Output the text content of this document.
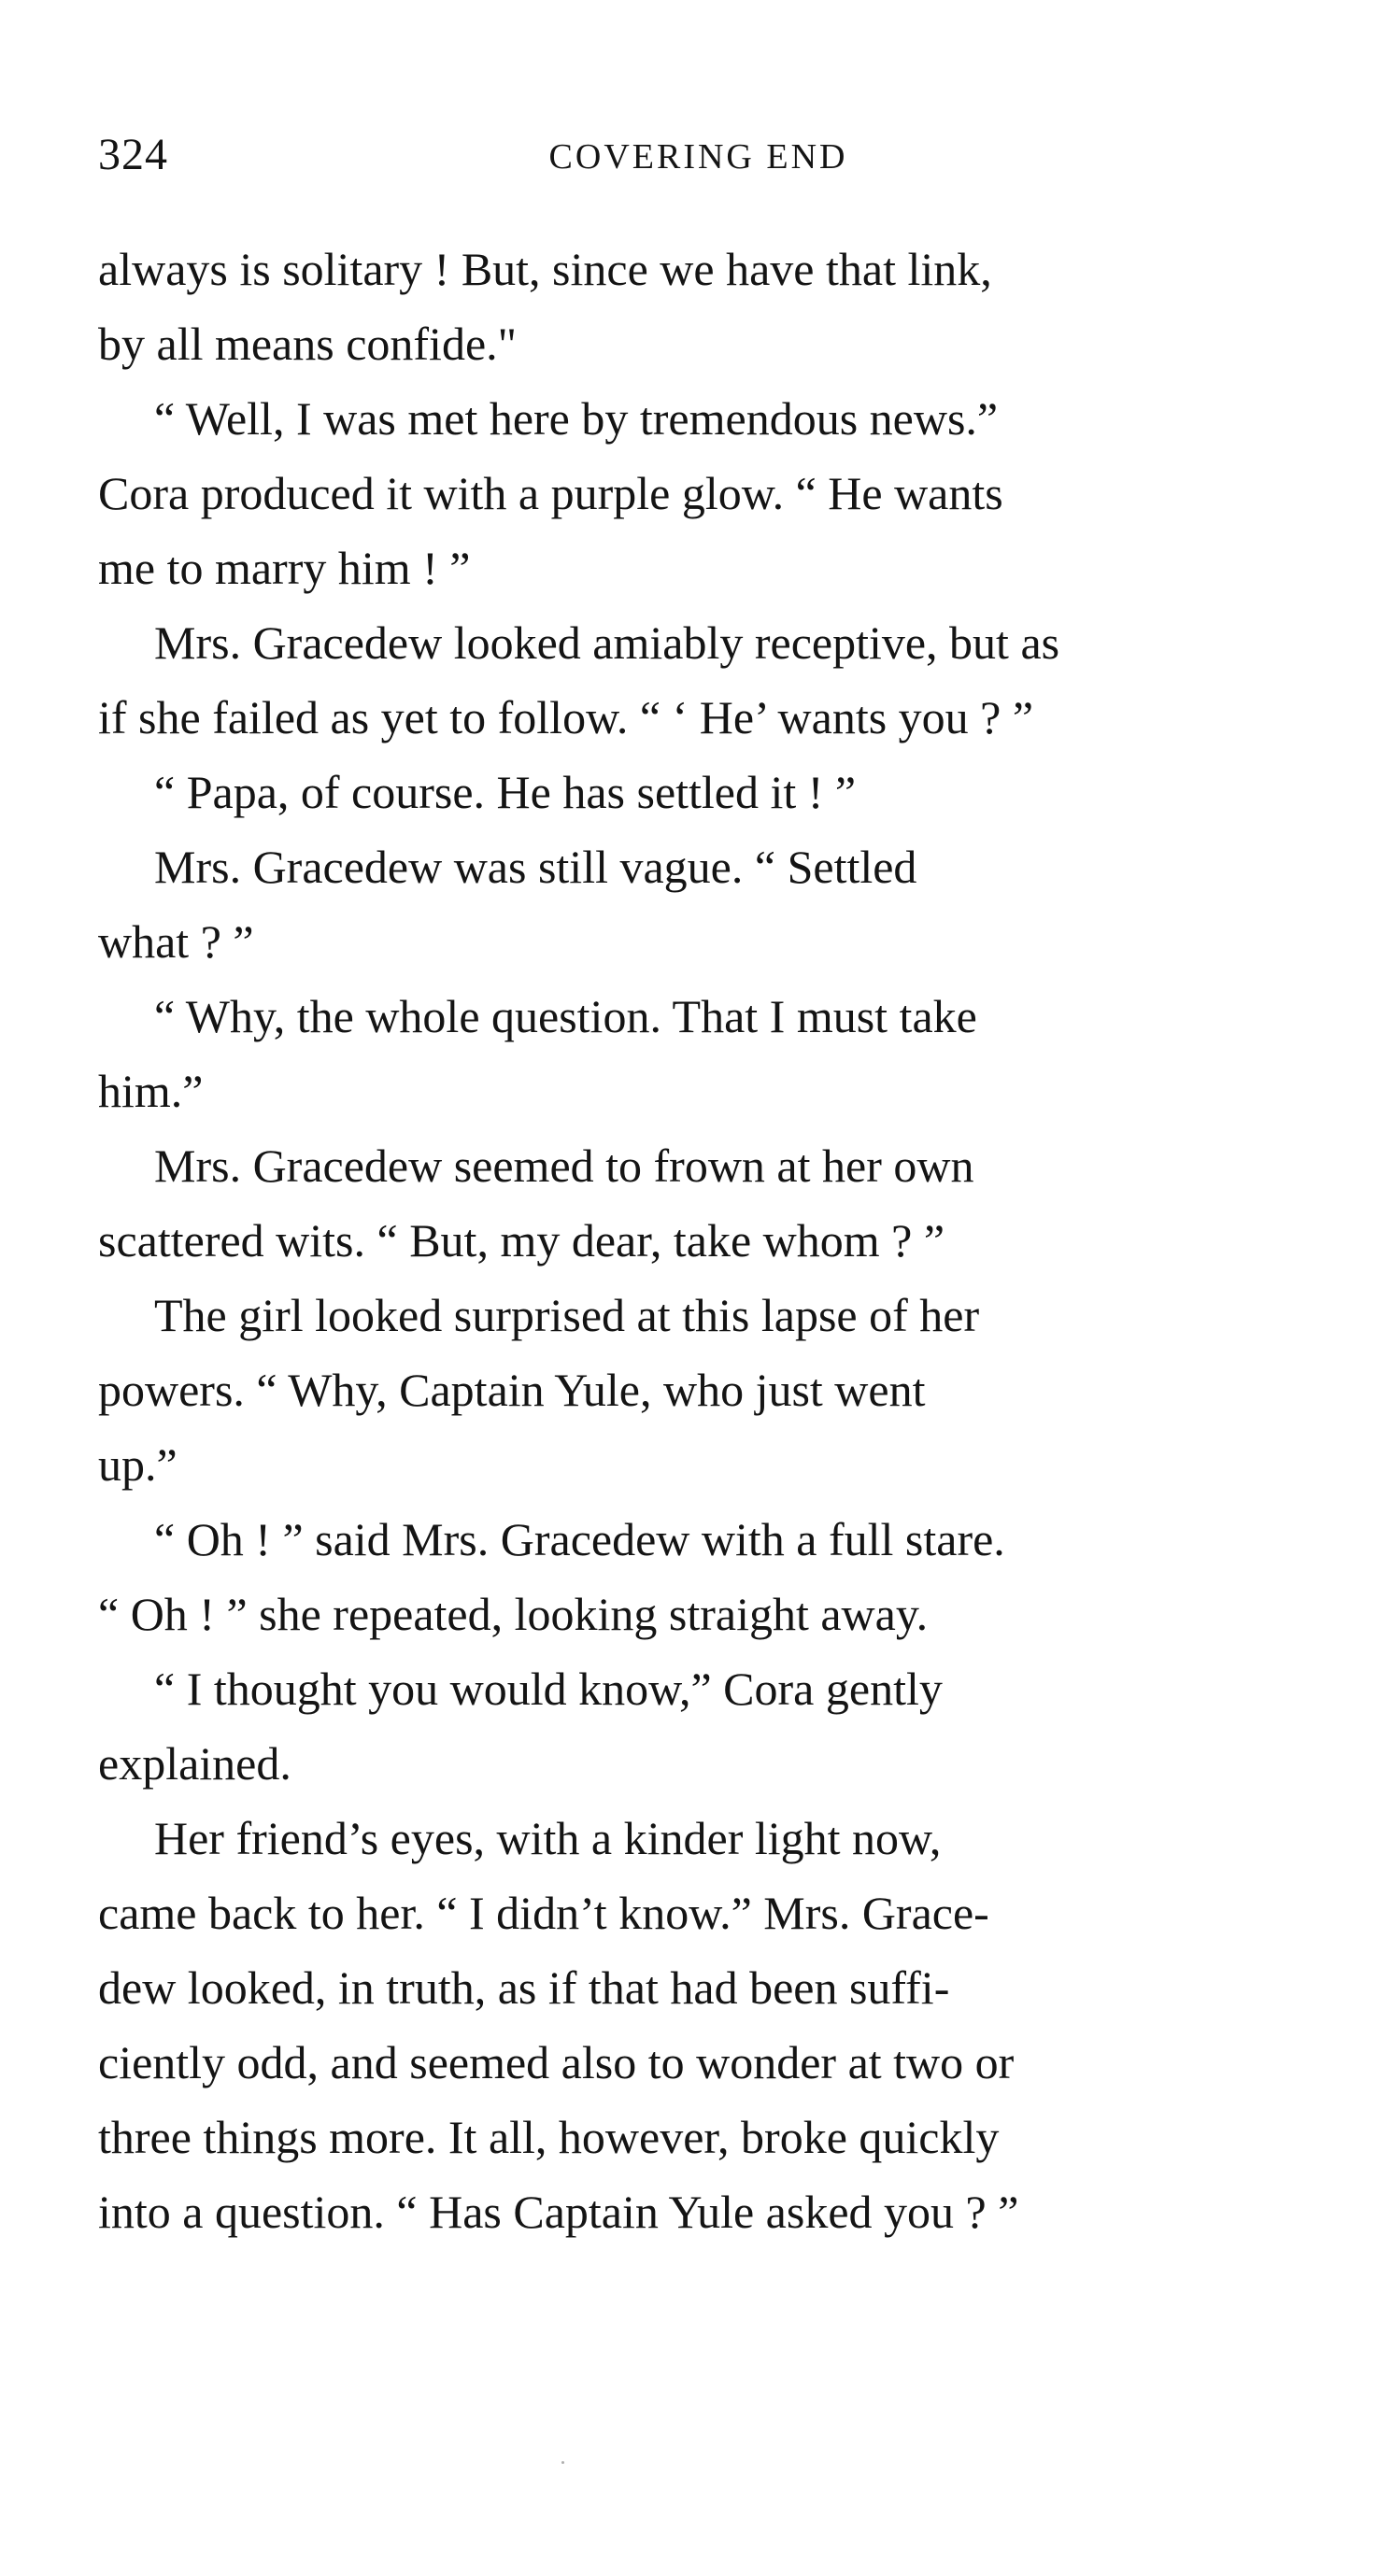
324	COVERING END

always is solitary ! But, since we have that link,
by all means confide."

“ Well, I was met here by tremendous news.”
Cora produced it with a purple glow. “ He wants
me to marry him ! ”

Mrs. Gracedew looked amiably receptive, but as
if she failed as yet to follow. “ ‘ He’ wants you ? ”

“ Papa, of course. He has settled it ! ”

Mrs. Gracedew was still vague. “ Settled
what ? ”

“ Why, the whole question. That I must take
him.”

Mrs. Gracedew seemed to frown at her own
scattered wits. “ But, my dear, take whom ? ”

The girl looked surprised at this lapse of her
powers. “ Why, Captain Yule, who just went
up.”

“ Oh ! ” said Mrs. Gracedew with a full stare.
“ Oh ! ” she repeated, looking straight away.

“ I thought you would know,” Cora gently
explained.

Her friend’s eyes, with a kinder light now,
came back to her. “ I didn’t know.” Mrs. Grace-
dew looked, in truth, as if that had been suffi-
ciently odd, and seemed also to wonder at two or
three things more. It all, however, broke quickly
into a question. “ Has Captain Yule asked you ? ”
